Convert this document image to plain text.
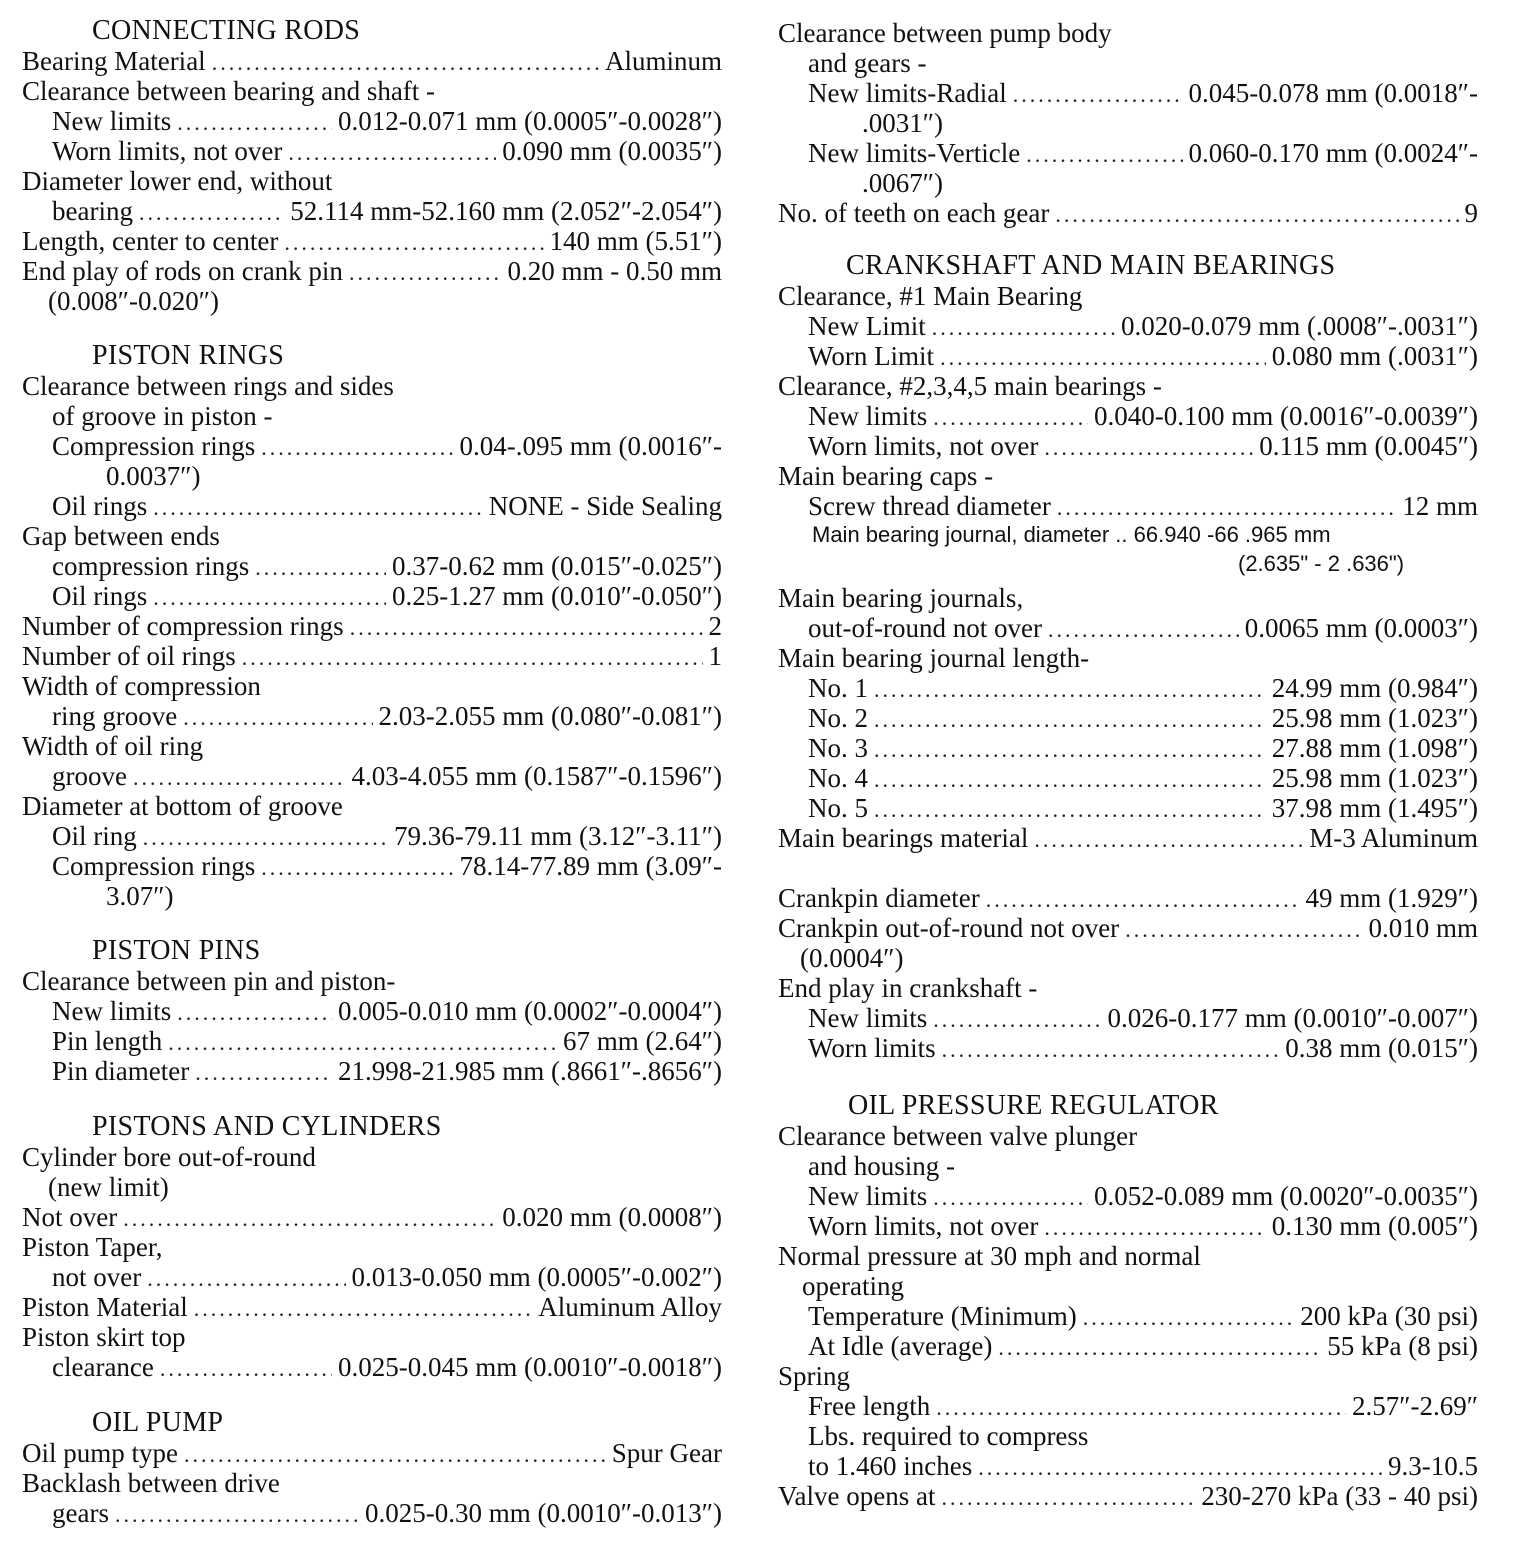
CONNECTING RODS
Bearing Material .....	Aluminum
Clearance between bearing and shaft -
New limits .....	0.012-0.071 mm (0.0005″-0.0028″)
Worn limits, not over .....	0.090 mm (0.0035″)
Diameter lower end, without
bearing .....	52.114 mm-52.160 mm (2.052″-2.054″)
Length, center to center .....	140 mm (5.51″)
End play of rods on crank pin .....	0.20 mm - 0.50 mm
(0.008″-0.020″)
PISTON RINGS
Clearance between rings and sides
of groove in piston -
Compression rings .....	0.04-.095 mm (0.0016″-
0.0037″)
Oil rings .....	NONE - Side Sealing
Gap between ends
compression rings .....	0.37-0.62 mm (0.015″-0.025″)
Oil rings .....	0.25-1.27 mm (0.010″-0.050″)
Number of compression rings .....	2
Number of oil rings .....	1
Width of compression
ring groove .....	2.03-2.055 mm (0.080″-0.081″)
Width of oil ring
groove .....	4.03-4.055 mm (0.1587″-0.1596″)
Diameter at bottom of groove
Oil ring .....	79.36-79.11 mm (3.12″-3.11″)
Compression rings .....	78.14-77.89 mm (3.09″-
3.07″)
PISTON PINS
Clearance between pin and piston-
New limits .....	0.005-0.010 mm (0.0002″-0.0004″)
Pin length .....	67 mm (2.64″)
Pin diameter .....	21.998-21.985 mm (.8661″-.8656″)
PISTONS AND CYLINDERS
Cylinder bore out-of-round
(new limit)
Not over .....	0.020 mm (0.0008″)
Piston Taper,
not over .....	0.013-0.050 mm (0.0005″-0.002″)
Piston Material .....	Aluminum Alloy
Piston skirt top
clearance .....	0.025-0.045 mm (0.0010″-0.0018″)
OIL PUMP
Oil pump type .....	Spur Gear
Backlash between drive
gears .....	0.025-0.30 mm (0.0010″-0.013″)
Clearance between pump body
and gears -
New limits-Radial .....	0.045-0.078 mm (0.0018″-
.0031″)
New limits-Verticle .....	0.060-0.170 mm (0.0024″-
.0067″)
No. of teeth on each gear .....	9
CRANKSHAFT AND MAIN BEARINGS
Clearance, #1 Main Bearing
New Limit .....	0.020-0.079 mm (.0008″-.0031″)
Worn Limit .....	0.080 mm (.0031″)
Clearance, #2,3,4,5 main bearings -
New limits .....	0.040-0.100 mm (0.0016″-0.0039″)
Worn limits, not over .....	0.115 mm (0.0045″)
Main bearing caps -
Screw thread diameter .....	12 mm
Main bearing journal, diameter .. 66.940 -66 .965 mm
(2.635" - 2 .636")
Main bearing journals,
out-of-round not over .....	0.0065 mm (0.0003″)
Main bearing journal length-
No. 1 .....	24.99 mm (0.984″)
No. 2 .....	25.98 mm (1.023″)
No. 3 .....	27.88 mm (1.098″)
No. 4 .....	25.98 mm (1.023″)
No. 5 .....	37.98 mm (1.495″)
Main bearings material .....	M-3 Aluminum
Crankpin diameter .....	49 mm (1.929″)
Crankpin out-of-round not over .....	0.010 mm
(0.0004″)
End play in crankshaft -
New limits .....	0.026-0.177 mm (0.0010″-0.007″)
Worn limits .....	0.38 mm (0.015″)
OIL PRESSURE REGULATOR
Clearance between valve plunger
and housing -
New limits .....	0.052-0.089 mm (0.0020″-0.0035″)
Worn limits, not over .....	0.130 mm (0.005″)
Normal pressure at 30 mph and normal
operating
Temperature (Minimum) .....	200 kPa (30 psi)
At Idle (average) .....	55 kPa (8 psi)
Spring
Free length .....	2.57″-2.69″
Lbs. required to compress
to 1.460 inches .....	9.3-10.5
Valve opens at .....	230-270 kPa (33 - 40 psi)
